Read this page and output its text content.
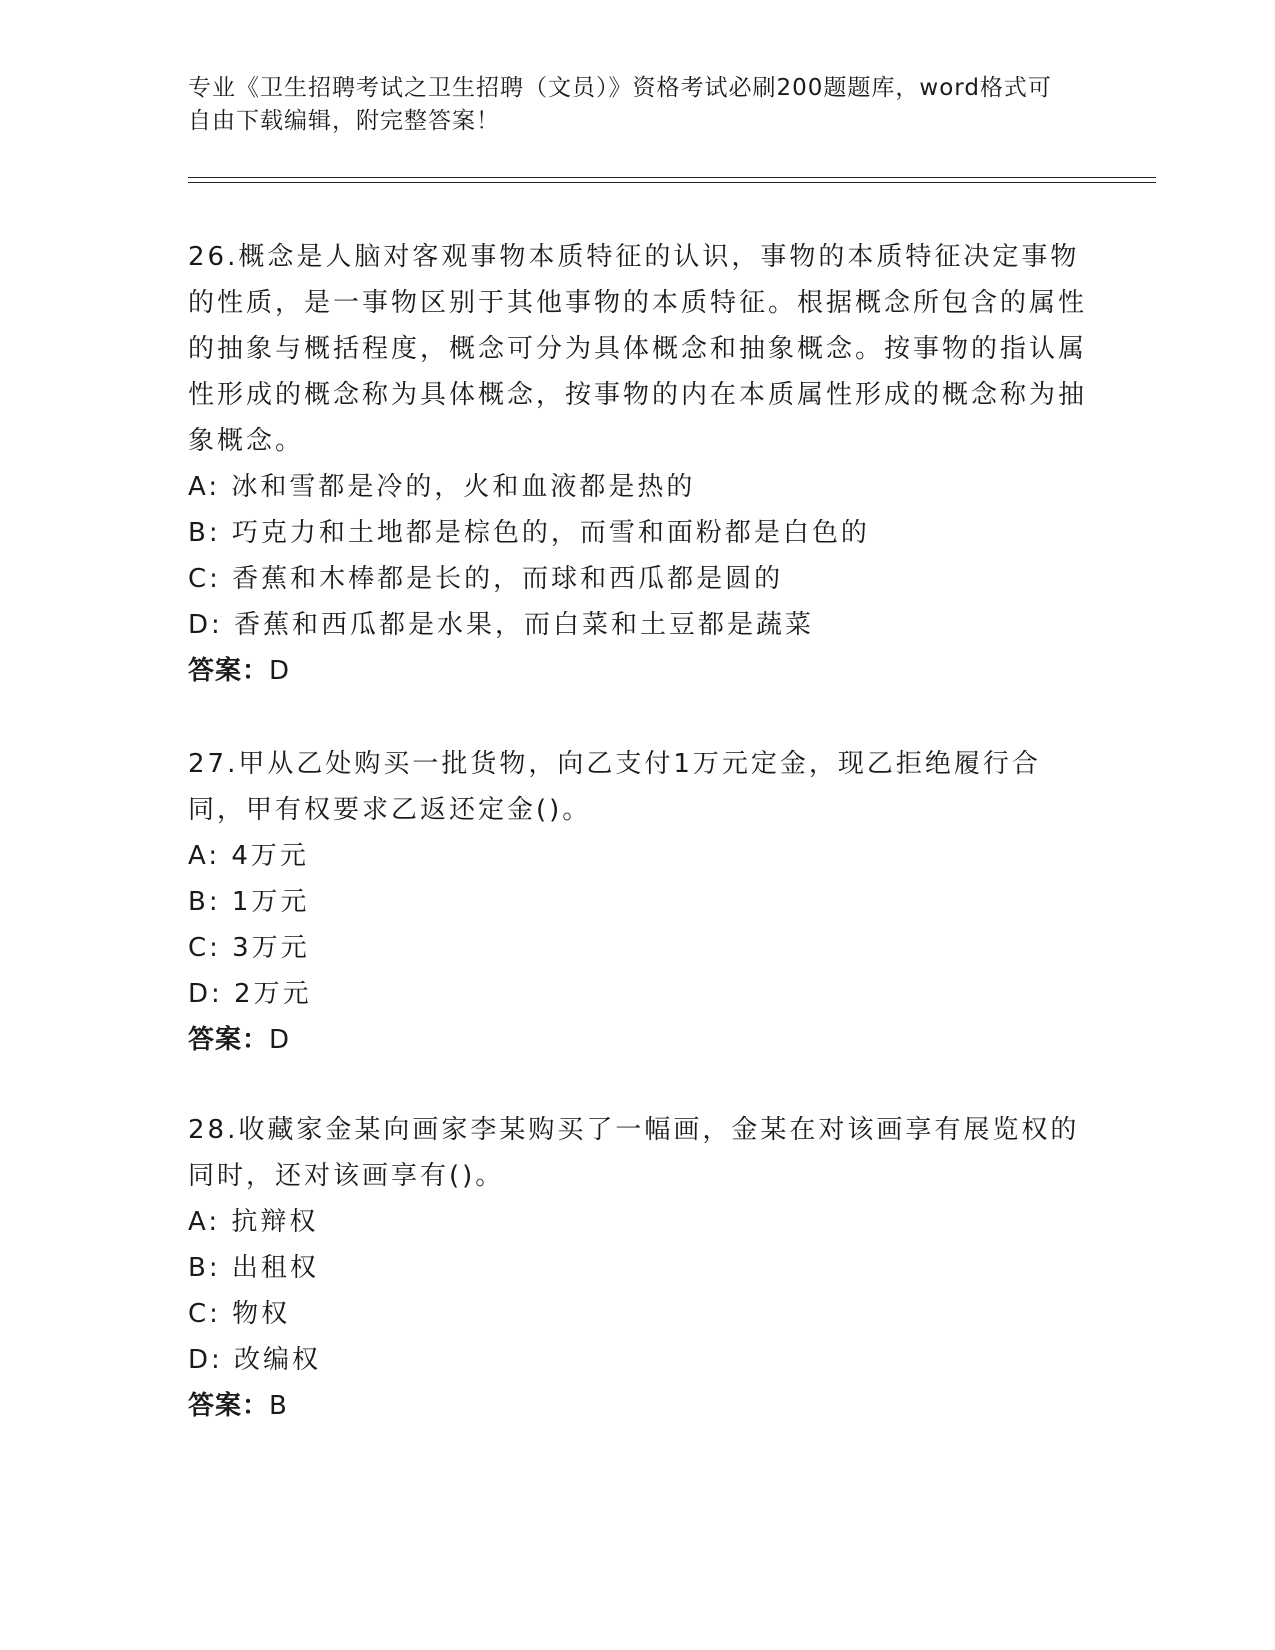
专业《卫生招聘考试之卫生招聘（文员）》资格考试必刷200题题库，word格式可自由下载编辑，附完整答案！

26.概念是人脑对客观事物本质特征的认识，事物的本质特征决定事物的性质，是一事物区别于其他事物的本质特征。根据概念所包含的属性的抽象与概括程度，概念可分为具体概念和抽象概念。按事物的指认属性形成的概念称为具体概念，按事物的内在本质属性形成的概念称为抽象概念。

A: 冰和雪都是冷的，火和血液都是热的

B: 巧克力和土地都是棕色的，而雪和面粉都是白色的

C: 香蕉和木棒都是长的，而球和西瓜都是圆的

D: 香蕉和西瓜都是水果，而白菜和土豆都是蔬菜

答案：D

27.甲从乙处购买一批货物，向乙支付1万元定金，现乙拒绝履行合同，甲有权要求乙返还定金()。

A: 4万元

B: 1万元

C: 3万元

D: 2万元

答案：D

28.收藏家金某向画家李某购买了一幅画，金某在对该画享有展览权的同时，还对该画享有()。

A: 抗辩权

B: 出租权

C: 物权

D: 改编权

答案：B
